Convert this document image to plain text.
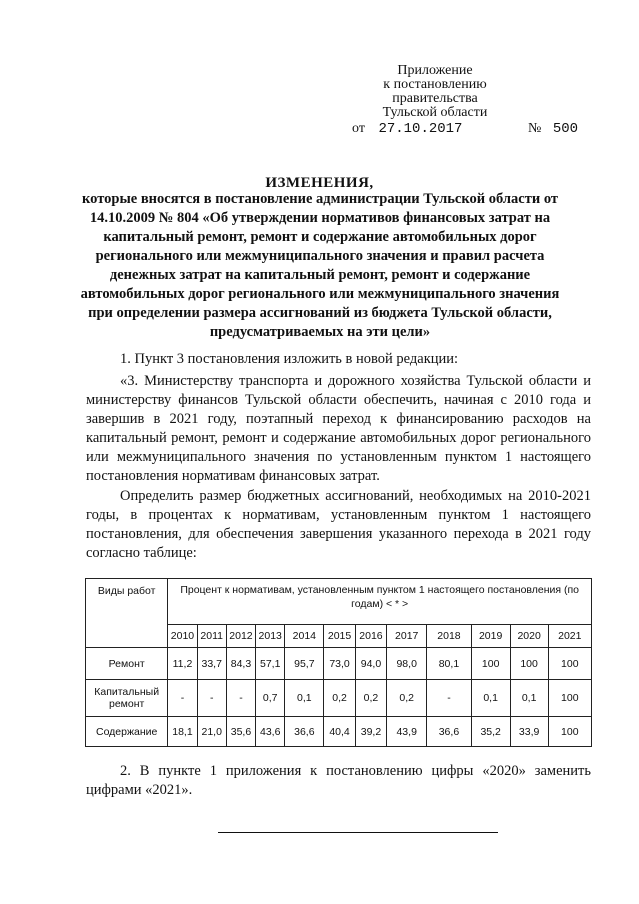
Приложение
к постановлению правительства
Тульской области
от 27.10.2017	№ 500
ИЗМЕНЕНИЯ,
которые вносятся в постановление администрации Тульской области от 14.10.2009 № 804 «Об утверждении нормативов финансовых затрат на капитальный ремонт, ремонт и содержание автомобильных дорог регионального или межмуниципального значения и правил расчета денежных затрат на капитальный ремонт, ремонт и содержание автомобильных дорог регионального или межмуниципального значения при определении размера ассигнований из бюджета Тульской области, предусматриваемых на эти цели»
1. Пункт 3 постановления изложить в новой редакции:
«3. Министерству транспорта и дорожного хозяйства Тульской области и министерству финансов Тульской области обеспечить, начиная с 2010 года и завершив в 2021 году, поэтапный переход к финансированию расходов на капитальный ремонт, ремонт и содержание автомобильных дорог регионального или межмуниципального значения по установленным пунктом 1 настоящего постановления нормативам финансовых затрат.
Определить размер бюджетных ассигнований, необходимых на 2010-2021 годы, в процентах к нормативам, установленным пунктом 1 настоящего постановления, для обеспечения завершения указанного перехода в 2021 году согласно таблице:
Виды работ	Процент к нормативам, установленным пунктом 1 настоящего постановления (по годам) < * >											
	2010	2011	2012	2013	2014	2015	2016	2017	2018	2019	2020	2021
Ремонт	11,2	33,7	84,3	57,1	95,7	73,0	94,0	98,0	80,1	100	100	100
Капитальный ремонт	-	-	-	0,7	0,1	0,2	0,2	0,2	-	0,1	0,1	100
Содержание	18,1	21,0	35,6	43,6	36,6	40,4	39,2	43,9	36,6	35,2	33,9	100
2. В пункте 1 приложения к постановлению цифры «2020» заменить цифрами «2021».
